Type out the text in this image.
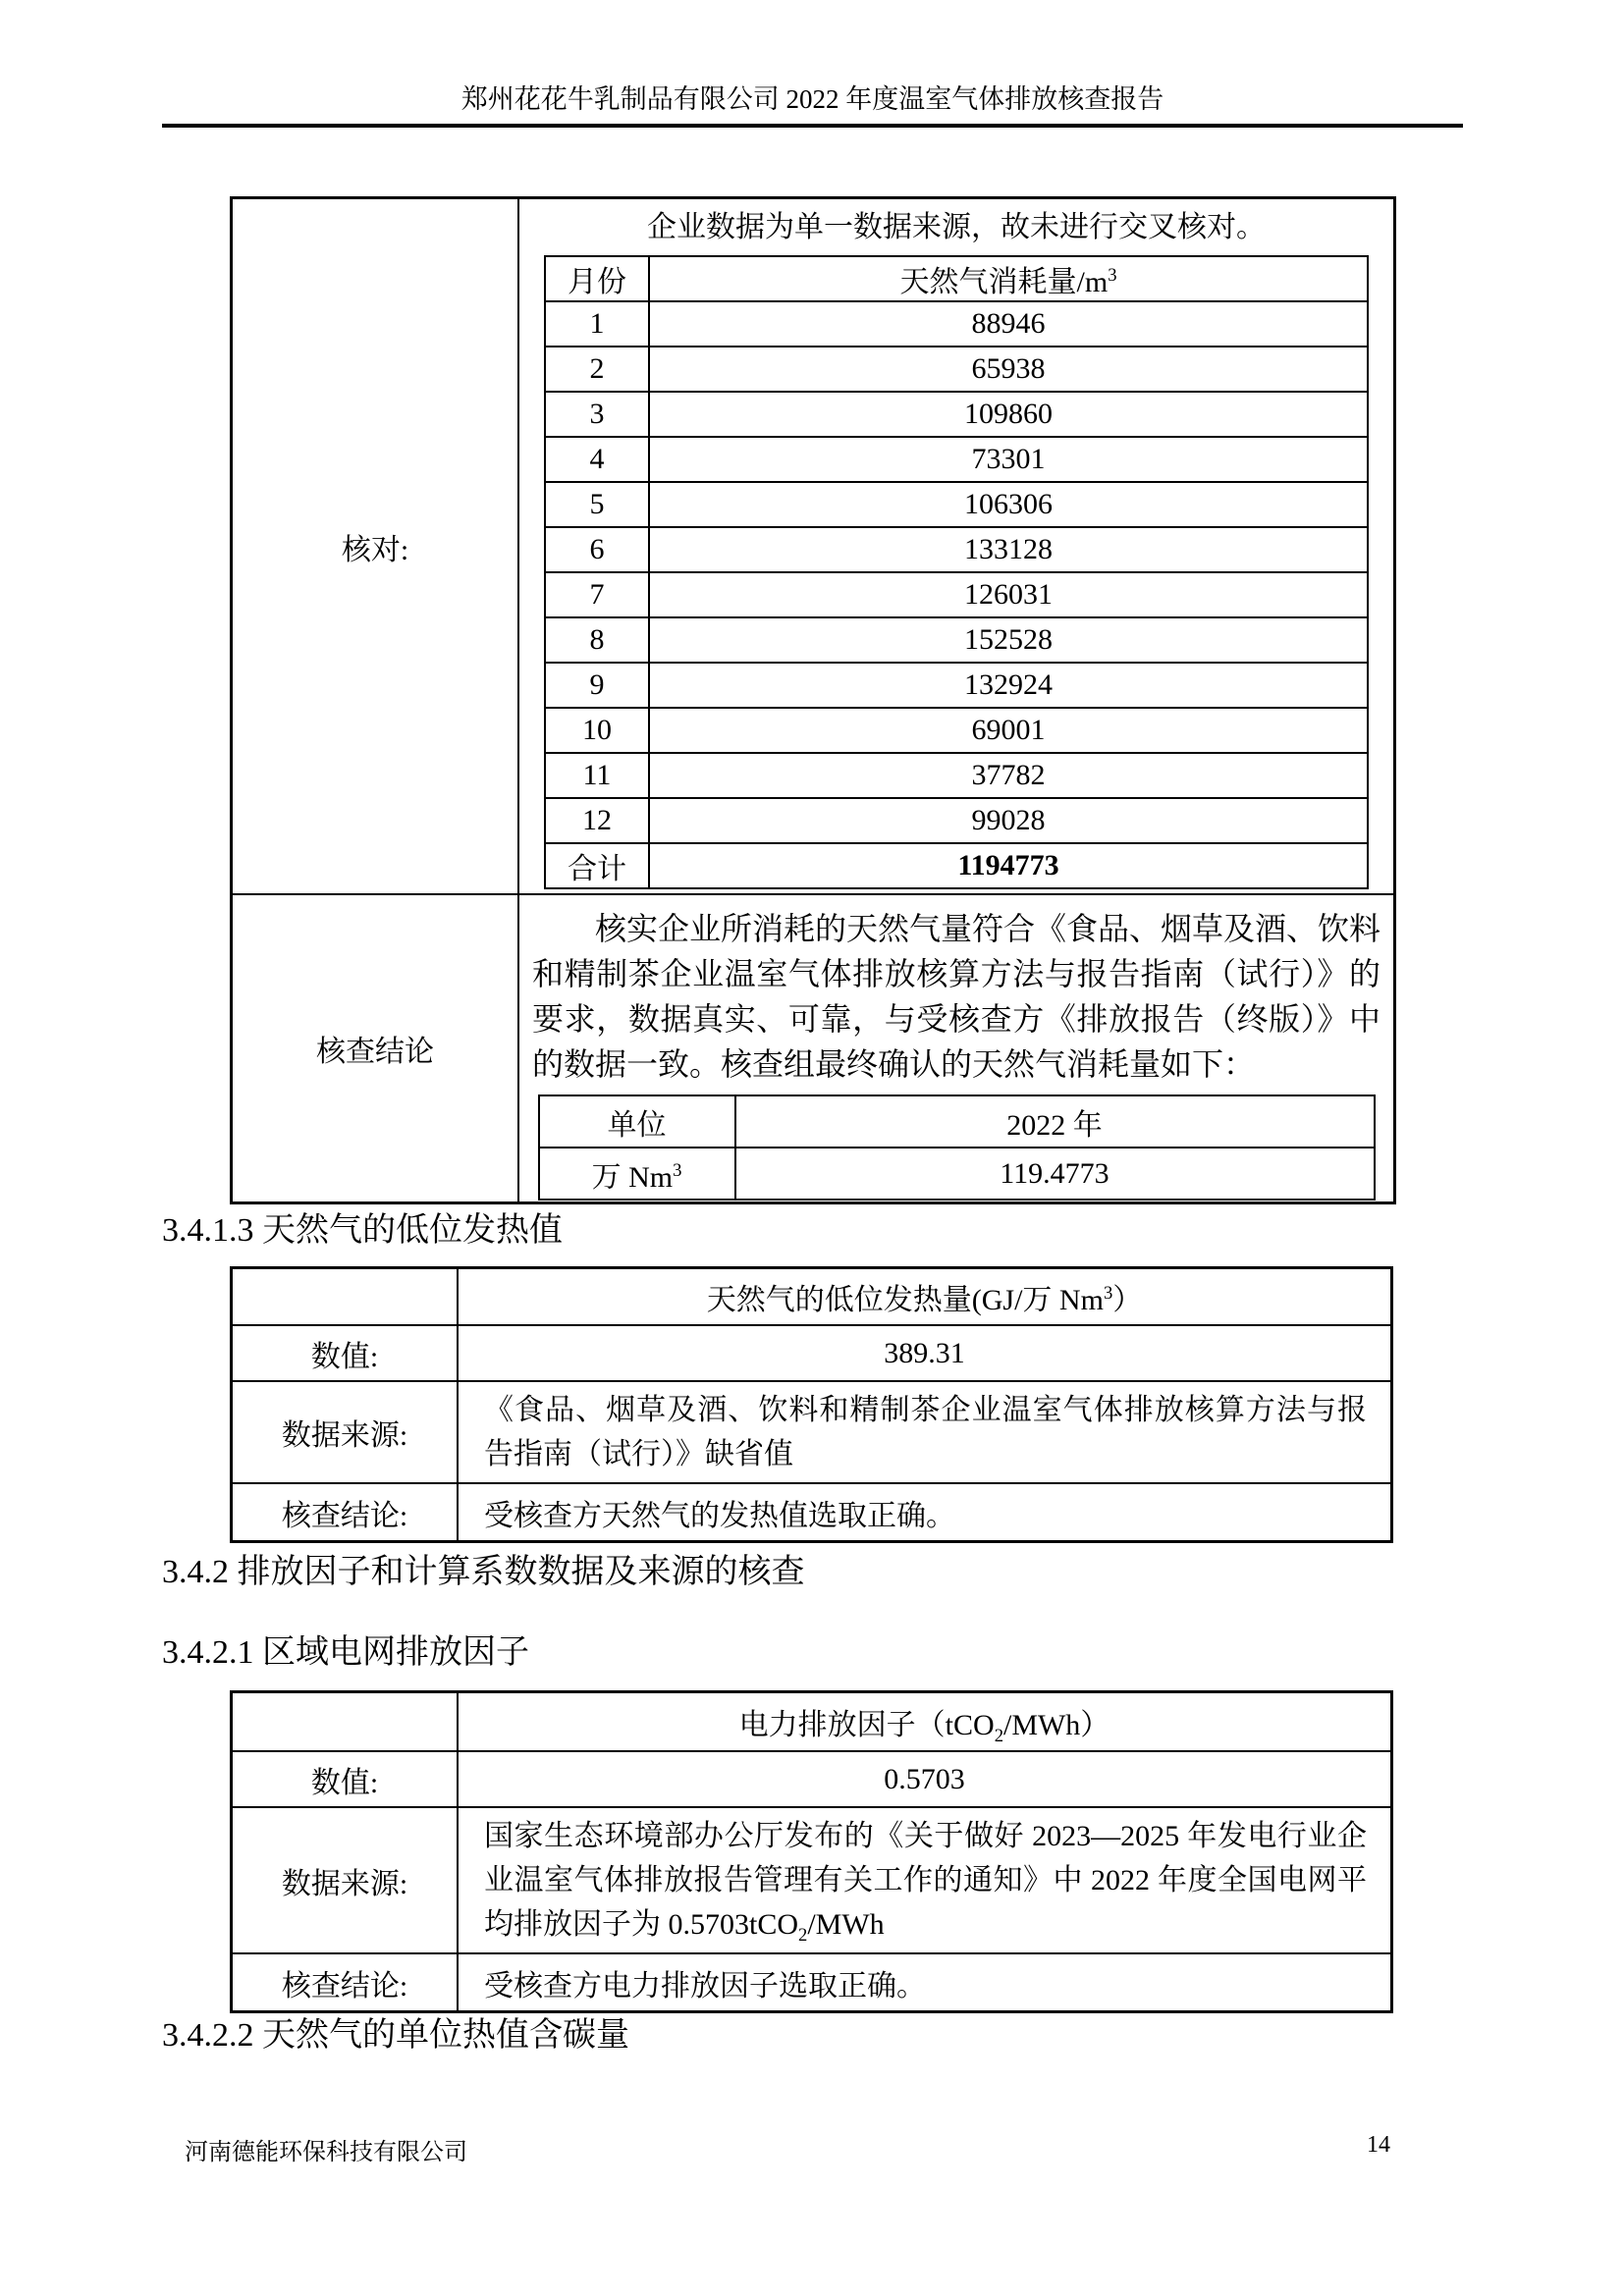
郑州花花牛乳制品有限公司 2022 年度温室气体排放核查报告
核对:	
企业数据为单一数据来源，故未进行交叉核对。
月份	天然气消耗量$/m^3$
1	88946
2	65938
3	109860
4	73301
5	106306
6	133128
7	126031
8	152528
9	132924
10	69001
11	37782
12	99028
合计	1194773

核查结论	
核实企业所消耗的天然气量符合《食品、烟草及酒、饮料和精制茶企业温室气体排放核算方法与报告指南（试行）》的要求，数据真实、可靠，与受核查方《排放报告（终版）》中的数据一致。核查组最终确认的天然气消耗量如下：
单位	2022 年
万 Nm$^3$	119.4773
3.4.1.3 天然气的低位发热值
	天然气的低位发热量(GJ/万 Nm$^3$）
数值:	389.31
数据来源:	《食品、烟草及酒、饮料和精制茶企业温室气体排放核算方法与报告指南（试行）》缺省值
核查结论:	受核查方天然气的发热值选取正确。
3.4.2 排放因子和计算系数数据及来源的核查
3.4.2.1 区域电网排放因子
	电力排放因子（tCO$_2$/MWh）
数值:	0.5703
数据来源:	国家生态环境部办公厅发布的《关于做好 2023—2025 年发电行业企业温室气体排放报告管理有关工作的通知》中 2022 年度全国电网平均排放因子为 0.5703tCO$_2$/MWh
核查结论:	受核查方电力排放因子选取正确。
3.4.2.2 天然气的单位热值含碳量
河南德能环保科技有限公司	14
